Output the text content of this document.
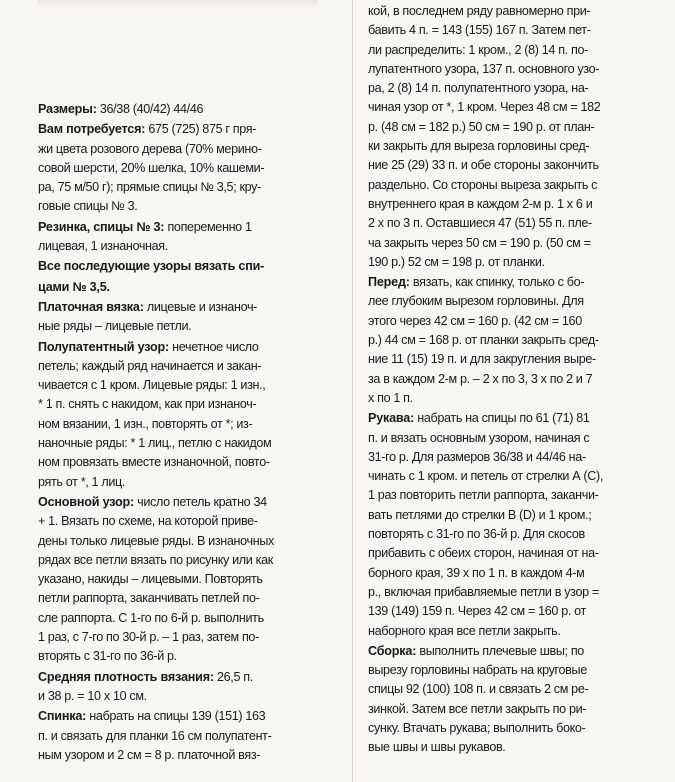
Размеры: 36/38 (40/42) 44/46
Вам потребуется: 675 (725) 875 г пря-
жи цвета розового дерева (70% мерино-
совой шерсти, 20% шелка, 10% кашеми-
ра, 75 м/50 г); прямые спицы № 3,5; кру-
говые спицы № 3.
Резинка, спицы № 3: попеременно 1
лицевая, 1 изнаночная.
Все последующие узоры вязать спи-
цами № 3,5.
Платочная вязка: лицевые и изнаноч-
ные ряды – лицевые петли.
Полупатентный узор: нечетное число
петель; каждый ряд начинается и закан-
чивается с 1 кром. Лицевые ряды: 1 изн.,
* 1 п. снять с накидом, как при изнаноч-
ном вязании, 1 изн., повторять от *; из-
наночные ряды: * 1 лиц., петлю с накидом
ном провязать вместе изнаночной, повто-
рять от *, 1 лиц.
Основной узор: число петель кратно 34
+ 1. Вязать по схеме, на которой приве-
дены только лицевые ряды. В изнаночных
рядах все петли вязать по рисунку или как
указано, накиды – лицевыми. Повторять
петли раппорта, заканчивать петлей по-
сле раппорта. С 1-го по 6-й р. выполнить
1 раз, с 7-го по 30-й р. – 1 раз, затем по-
вторять с 31-го по 36-й р.
Средняя плотность вязания: 26,5 п.
и 38 р. = 10 х 10 см.
Спинка: набрать на спицы 139 (151) 163
п. и связать для планки 16 см полупатент-
ным узором и 2 см = 8 р. платочной вяз-
кой, в последнем ряду равномерно при-
бавить 4 п. = 143 (155) 167 п. Затем пет-
ли распределить: 1 кром., 2 (8) 14 п. по-
лупатентного узора, 137 п. основного узо-
ра, 2 (8) 14 п. полупатентного узора, на-
чиная узор от *, 1 кром. Через 48 см = 182
р. (48 см = 182 р.) 50 см = 190 р. от план-
ки закрыть для выреза горловины сред-
ние 25 (29) 33 п. и обе стороны закончить
раздельно. Со стороны выреза закрыть с
внутреннего края в каждом 2-м р. 1 х 6 и
2 х по 3 п. Оставшиеся 47 (51) 55 п. пле-
ча закрыть через 50 см = 190 р. (50 см =
190 р.) 52 см = 198 р. от планки.
Перед: вязать, как спинку, только с бо-
лее глубоким вырезом горловины. Для
этого через 42 см = 160 р. (42 см = 160
р.) 44 см = 168 р. от планки закрыть сред-
ние 11 (15) 19 п. и для закругления выре-
за в каждом 2-м р. – 2 х по 3, 3 х по 2 и 7
х по 1 п.
Рукава: набрать на спицы по 61 (71) 81
п. и вязать основным узором, начиная с
31-го р. Для размеров 36/38 и 44/46 на-
чинать с 1 кром. и петель от стрелки А (С),
1 раз повторить петли раппорта, заканчи-
вать петлями до стрелки В (D) и 1 кром.;
повторять с 31-го по 36-й р. Для скосов
прибавить с обеих сторон, начиная от на-
борного края, 39 х по 1 п. в каждом 4-м
р., включая прибавляемые петли в узор =
139 (149) 159 п. Через 42 см = 160 р. от
наборного края все петли закрыть.
Сборка: выполнить плечевые швы; по
вырезу горловины набрать на круговые
спицы 92 (100) 108 п. и связать 2 см ре-
зинкой. Затем все петли закрыть по ри-
сунку. Втачать рукава; выполнить боко-
вые швы и швы рукавов.
